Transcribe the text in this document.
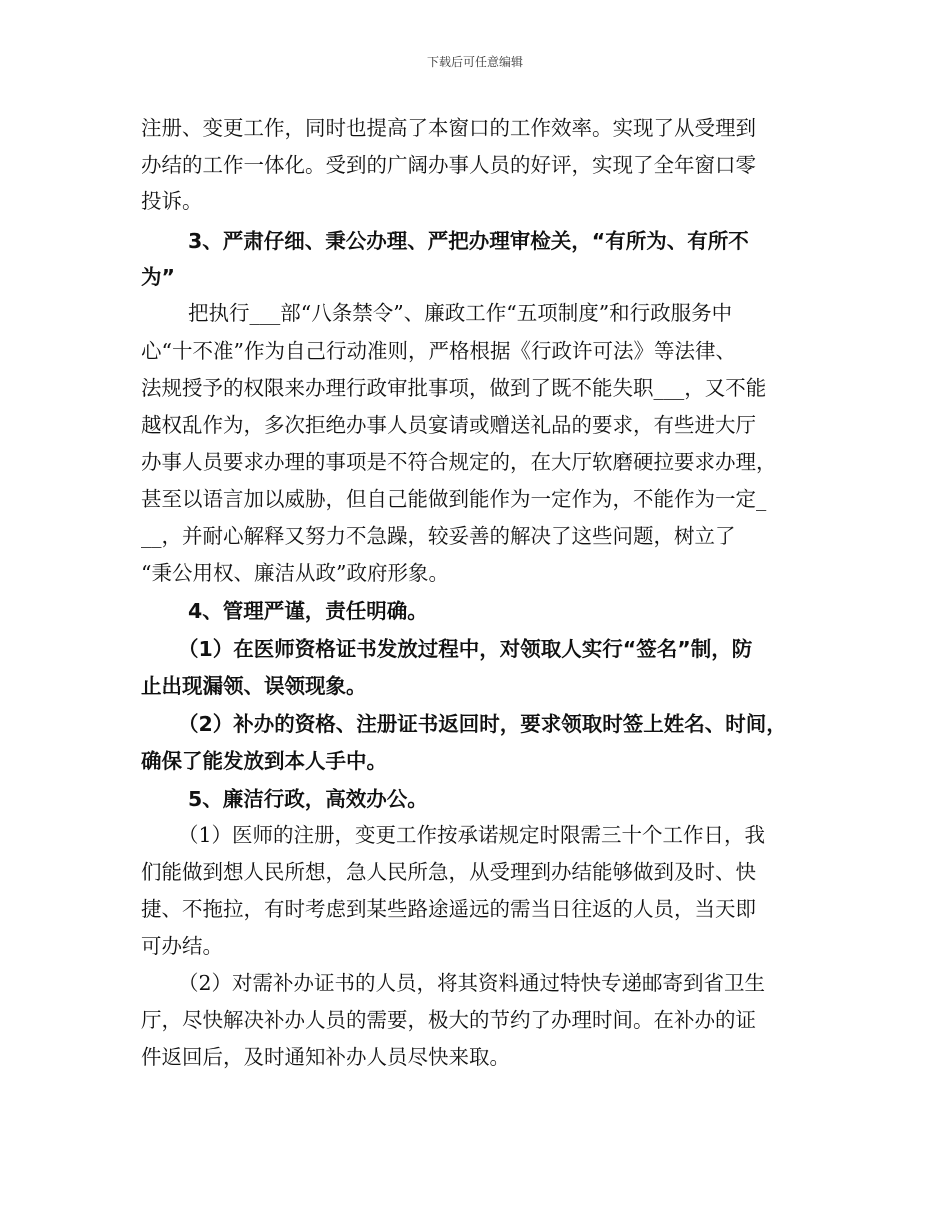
下载后可任意编辑
注册、变更工作，同时也提高了本窗口的工作效率。实现了从受理到
办结的工作一体化。受到的广阔办事人员的好评，实现了全年窗口零
投诉。
3、严肃仔细、秉公办理、严把办理审检关，“有所为、有所不
为”
把执行___部“八条禁令”、廉政工作“五项制度”和行政服务中
心“十不准”作为自己行动准则，严格根据《行政许可法》等法律、
法规授予的权限来办理行政审批事项，做到了既不能失职___，又不能
越权乱作为，多次拒绝办事人员宴请或赠送礼品的要求，有些进大厅
办事人员要求办理的事项是不符合规定的，在大厅软磨硬拉要求办理，
甚至以语言加以威胁，但自己能做到能作为一定作为，不能作为一定_
__，并耐心解释又努力不急躁，较妥善的解决了这些问题，树立了
“秉公用权、廉洁从政”政府形象。
4、管理严谨，责任明确。
（1）在医师资格证书发放过程中，对领取人实行“签名”制，防
止出现漏领、误领现象。
（2）补办的资格、注册证书返回时，要求领取时签上姓名、时间，
确保了能发放到本人手中。
5、廉洁行政，高效办公。
（1）医师的注册，变更工作按承诺规定时限需三十个工作日，我
们能做到想人民所想，急人民所急，从受理到办结能够做到及时、快
捷、不拖拉，有时考虑到某些路途遥远的需当日往返的人员，当天即
可办结。
（2）对需补办证书的人员，将其资料通过特快专递邮寄到省卫生
厅，尽快解决补办人员的需要，极大的节约了办理时间。在补办的证
件返回后，及时通知补办人员尽快来取。
